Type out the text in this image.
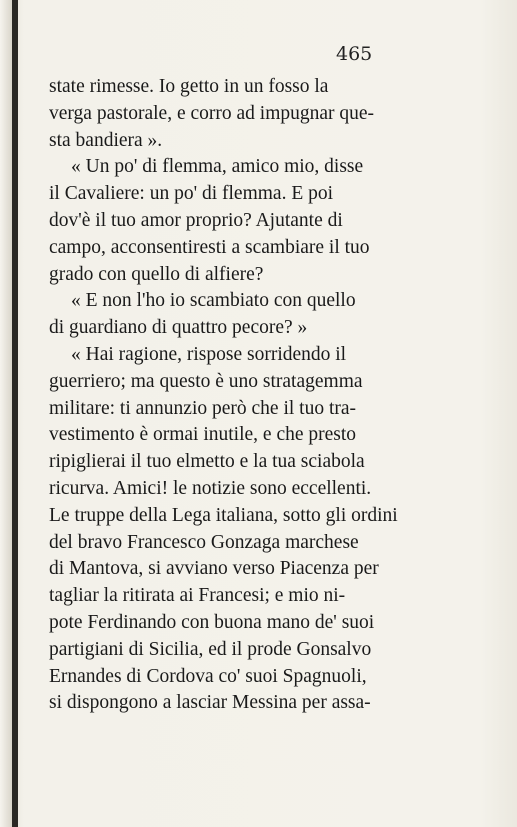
465
state rimesse. Io getto in un fosso la
verga pastorale, e corro ad impugnar que-
sta bandiera ».
« Un po' di flemma, amico mio, disse
il Cavaliere: un po' di flemma. E poi
dov'è il tuo amor proprio? Ajutante di
campo, acconsentiresti a scambiare il tuo
grado con quello di alfiere?
« E non l'ho io scambiato con quello
di guardiano di quattro pecore? »
« Hai ragione, rispose sorridendo il
guerriero; ma questo è uno stratagemma
militare: ti annunzio però che il tuo tra-
vestimento è ormai inutile, e che presto
ripiglierai il tuo elmetto e la tua sciabola
ricurva. Amici! le notizie sono eccellenti.
Le truppe della Lega italiana, sotto gli ordini
del bravo Francesco Gonzaga marchese
di Mantova, si avviano verso Piacenza per
tagliar la ritirata ai Francesi; e mio ni-
pote Ferdinando con buona mano de' suoi
partigiani di Sicilia, ed il prode Gonsalvo
Ernandes di Cordova co' suoi Spagnuoli,
si dispongono a lasciar Messina per assa-
